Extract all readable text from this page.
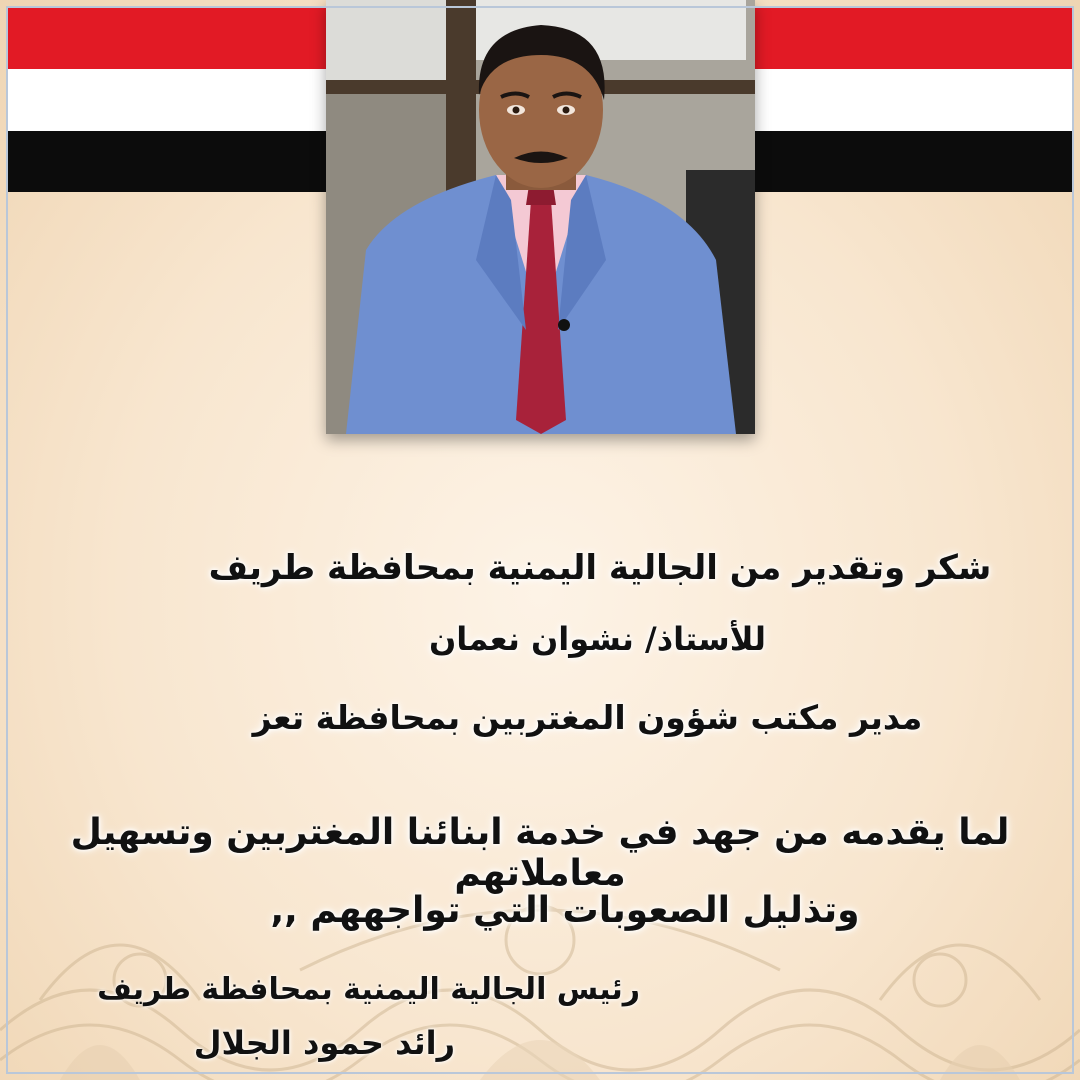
شكر وتقدير من الجالية اليمنية بمحافظة طريف
للأستاذ/ نشوان نعمان
مدير مكتب شؤون المغتربين بمحافظة تعز
لما يقدمه من جهد في خدمة ابنائنا المغتربين وتسهيل معاملاتهم
وتذليل الصعوبات التي تواجههم ,,
رئيس الجالية اليمنية بمحافظة طريف
رائد حمود الجلال
